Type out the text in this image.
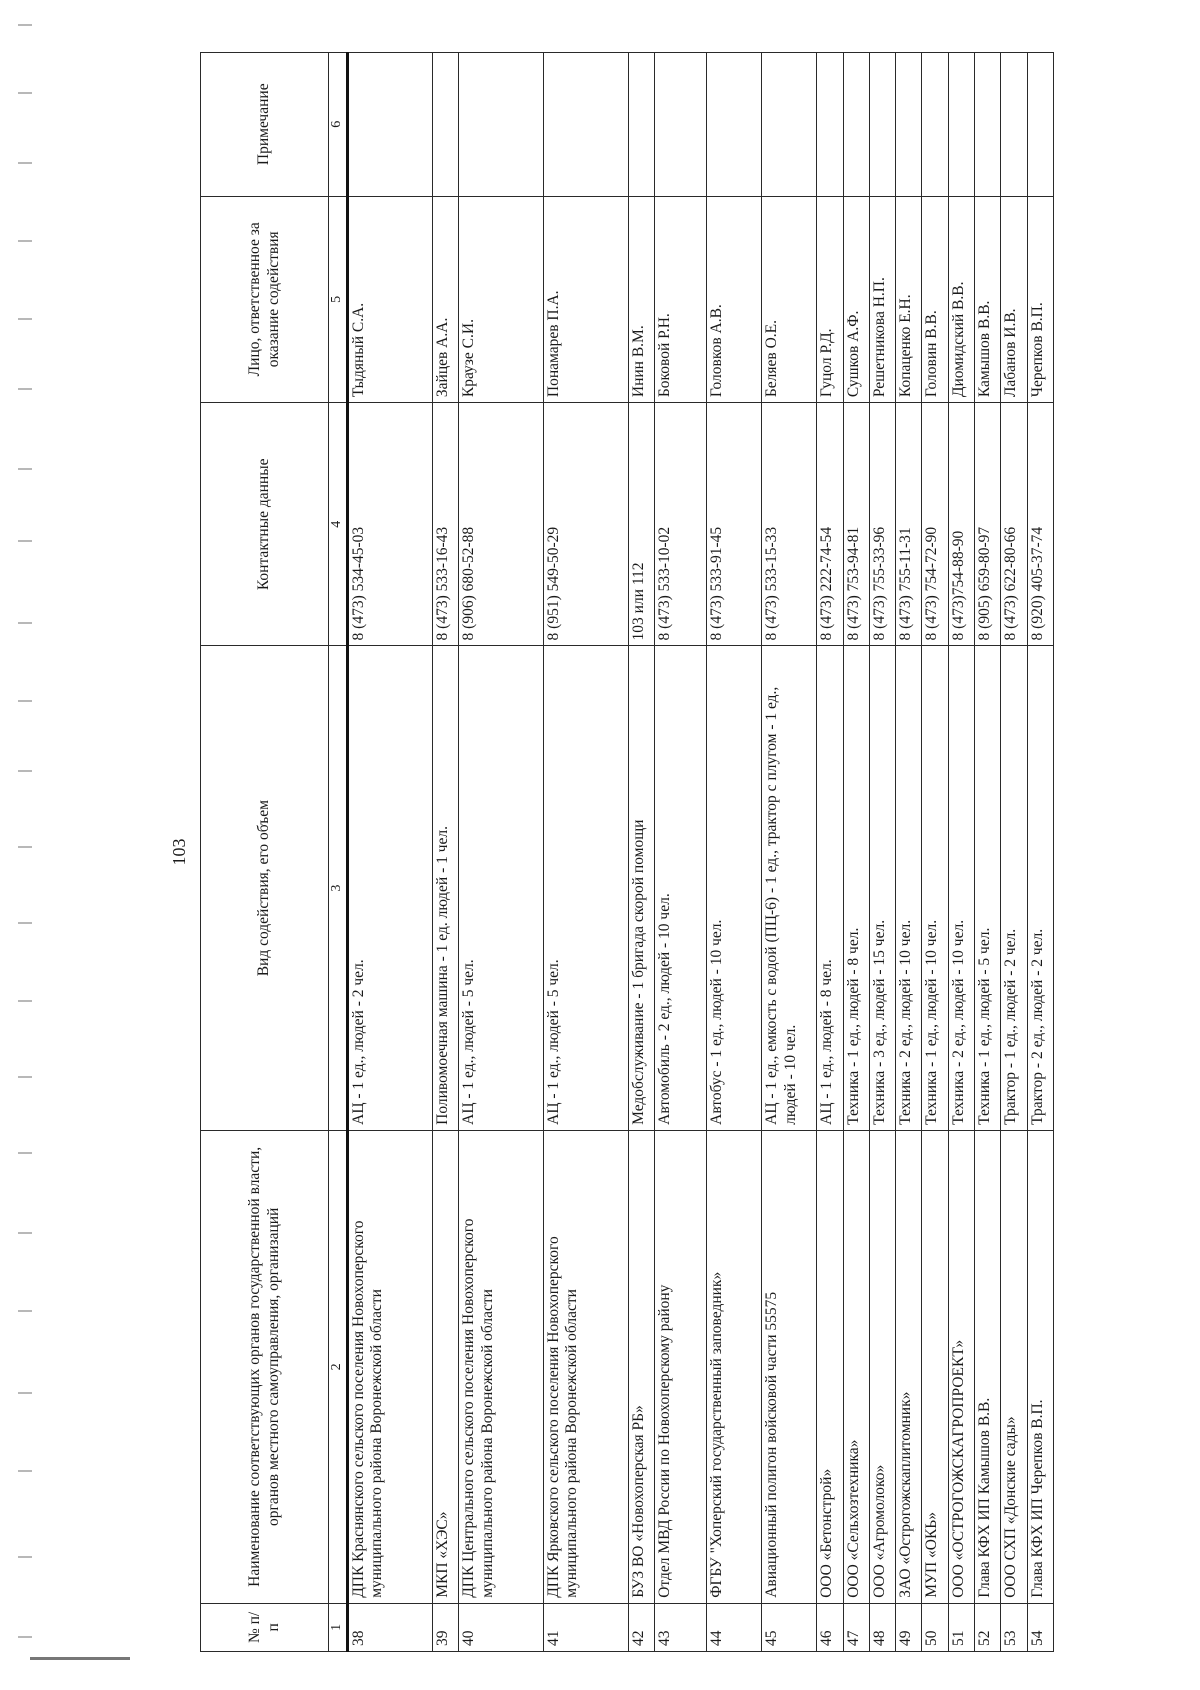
103
№ п/п	Наименование соответствующих органов государственной власти, органов местного самоуправления, организаций	Вид содействия, его объем	Контактные данные	Лицо, ответственное за оказание содействия	Примечание
1	2	3	4	5	6
38	ДПК Краснянского сельского поселения Новохоперского муниципального района Воронежской области	АЦ - 1 ед., людей - 2 чел.	8 (473) 534-45-03	Тыдяный С.А.	
39	МКП «ХЭС»	Поливомоечная машина - 1 ед. людей - 1 чел.	8 (473) 533-16-43	Зайцев А.А.	
40	ДПК Центрального сельского поселения Новохоперского муниципального района Воронежской области	АЦ - 1 ед., людей - 5 чел.	8 (906) 680-52-88	Краузе С.И.	
41	ДПК Ярковского сельского поселения Новохоперского муниципального района Воронежской области	АЦ - 1 ед., людей - 5 чел.	8 (951) 549-50-29	Понамарев П.А.	
42	БУЗ ВО «Новохоперская РБ»	Медобслуживание - 1 бригада скорой помощи	103 или 112	Инин В.М.	
43	Отдел МВД России по Новохоперскому району	Автомобиль - 2 ед., людей - 10 чел.	8 (473) 533-10-02	Боковой Р.Н.	
44	ФГБУ "Хоперский государственный заповедник»	Автобус - 1 ед., людей - 10 чел.	8 (473) 533-91-45	Головков А.В.	
45	Авиационный полигон войсковой части 55575	АЦ - 1 ед., емкость с водой (ПЦ-6) - 1 ед., трактор с плугом - 1 ед., людей - 10 чел.	8 (473) 533-15-33	Беляев О.Е.	
46	ООО «Бетонстрой»	АЦ - 1 ед., людей - 8 чел.	8 (473) 222-74-54	Гуцол Р.Д.	
47	ООО «Сельхозтехника»	Техника - 1 ед., людей - 8 чел.	8 (473) 753-94-81	Сушков А.Ф.	
48	ООО «Агромолоко»	Техника - 3 ед., людей - 15 чел.	8 (473) 755-33-96	Решетникова Н.П.	
49	ЗАО «Острогожскаплитомник»	Техника - 2 ед., людей - 10 чел.	8 (473) 755-11-31	Копаценко Е.Н.	
50	МУП «ОКЬ»	Техника - 1 ед., людей - 10 чел.	8 (473) 754-72-90	Головин В.В.	
51	ООО «ОСТРОГОЖСКАГРОПРОЕКТ»	Техника - 2 ед., людей - 10 чел.	8 (473)754-88-90	Диомидский В.В.	
52	Глава КФХ ИП Камышов В.В.	Техника - 1 ед., людей - 5 чел.	8 (905) 659-80-97	Камышов В.В.	
53	ООО СХП «Донские сады»	Трактор - 1 ед., людей - 2 чел.	8 (473) 622-80-66	Лабанов И.В.	
54	Глава КФХ ИП Черепков В.П.	Трактор - 2 ед., людей - 2 чел.	8 (920) 405-37-74	Черепков В.П.	
